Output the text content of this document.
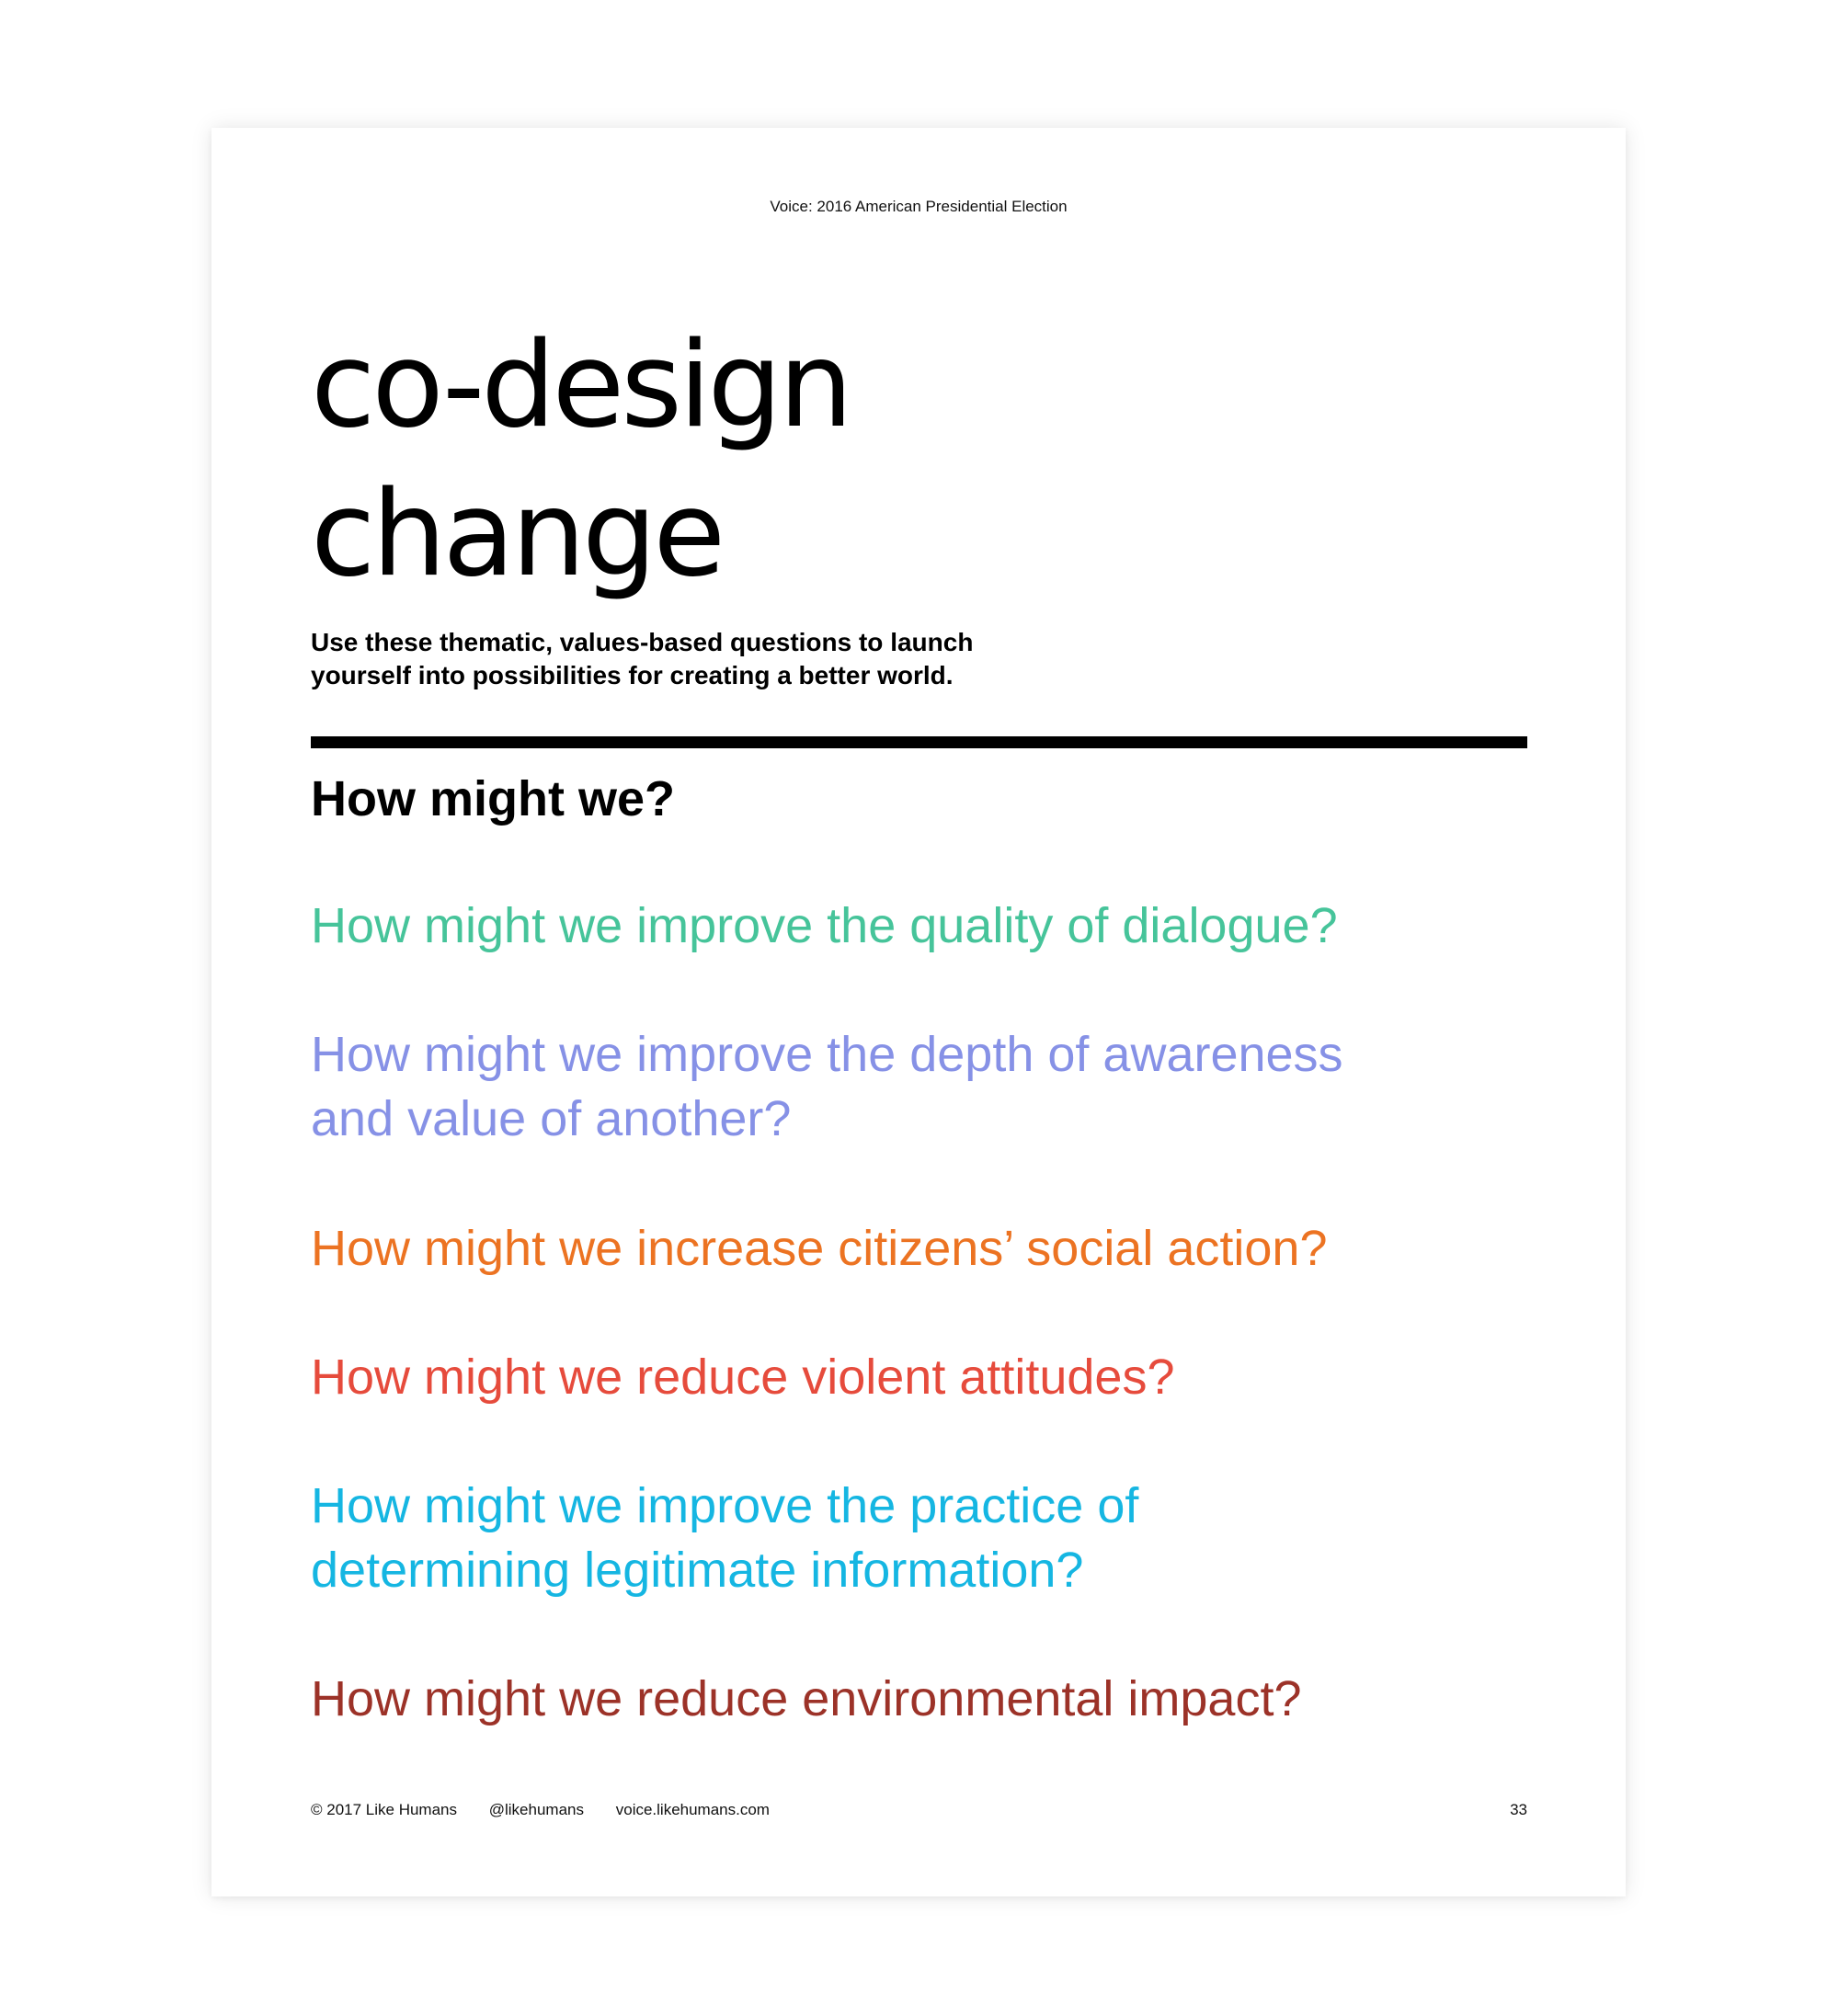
Voice: 2016 American Presidential Election
co-design
change
Use these thematic, values-based questions to launch
yourself into possibilities for creating a better world.
How might we?
How might we improve the quality of dialogue?
How might we improve the depth of awareness
and value of another?
How might we increase citizens’ social action?
How might we reduce violent attitudes?
How might we improve the practice of
determining legitimate information?
How might we reduce environmental impact?
© 2017 Like Humans @likehumans voice.likehumans.com	33
